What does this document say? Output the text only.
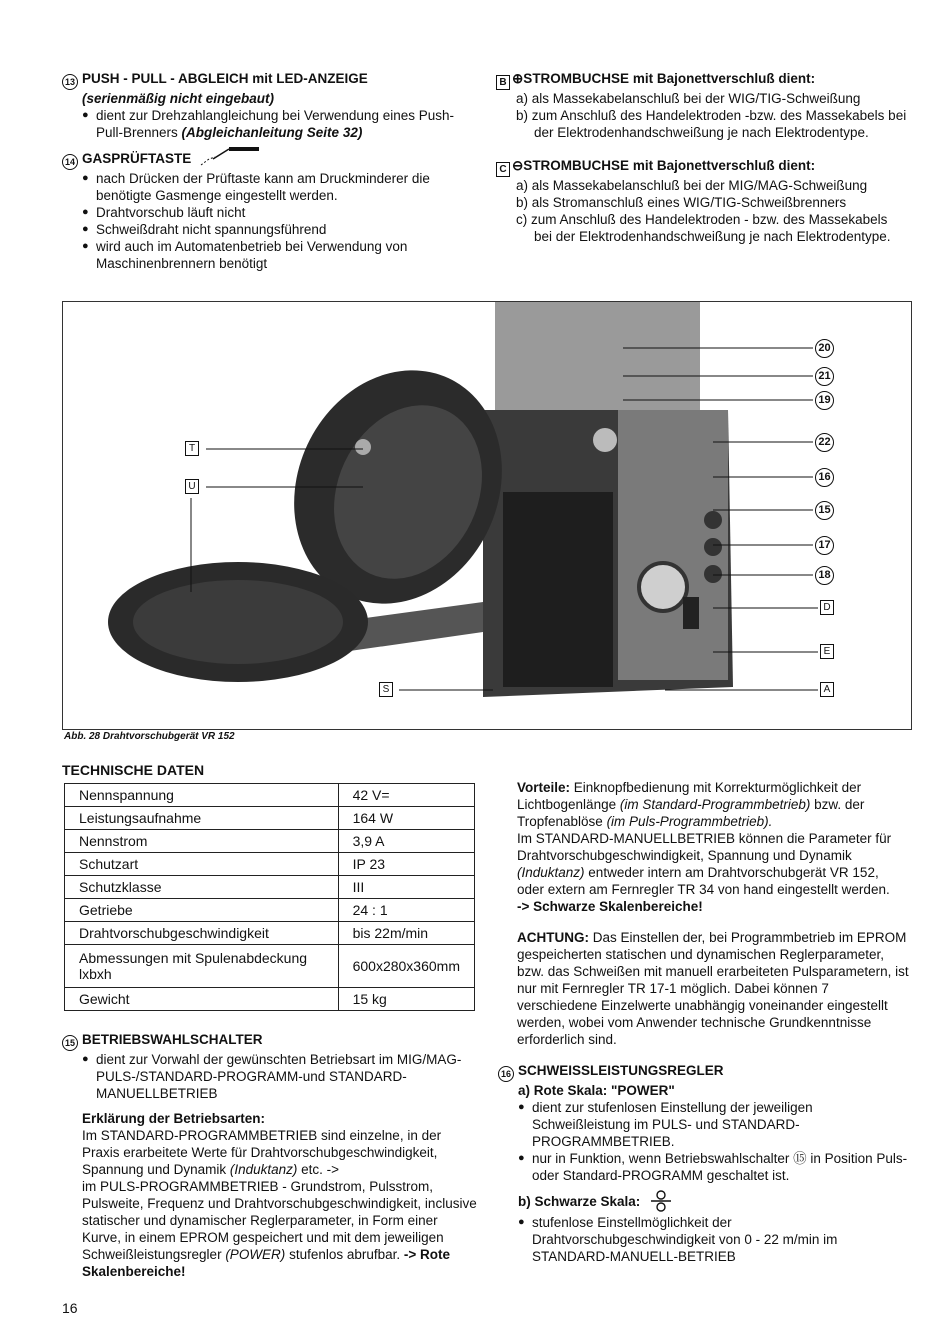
13 PUSH - PULL - ABGLEICH mit LED-ANZEIGE
(serienmäßig nicht eingebaut)
● dient zur Drehzahlangleichung bei Verwendung eines Push-Pull-Brenners (Abgleichanleitung Seite 32)
14 GASPRÜFTASTE
● nach Drücken der Prüftaste kann am Druckminderer die benötigte Gasmenge eingestellt werden.
● Drahtvorschub läuft nicht
● Schweißdraht nicht spannungsführend
● wird auch im Automatenbetrieb bei Verwendung von Maschinenbrennern benötigt
B ⊕STROMBUCHSE mit Bajonettverschluß dient:
a) als Massekabelanschluß bei der WIG/TIG-Schweißung
b) zum Anschluß des Handelektroden -bzw. des Massekabels bei der Elektrodenhandschweißung je nach Elektrodentype.
C ⊖STROMBUCHSE mit Bajonettverschluß dient:
a) als Massekabelanschluß bei der MIG/MAG-Schweißung
b) als Stromanschluß eines WIG/TIG-Schweißbrenners
c) zum Anschluß des Handelektroden - bzw. des Massekabels bei der Elektrodenhandschweißung je nach Elektrodentype.
T
U
S
20
21
19
22
16
15
17
18
D
E
A
Abb. 28 Drahtvorschubgerät VR 152
TECHNISCHE DATEN
Nennspannung	42 V=
Leistungsaufnahme	164 W
Nennstrom	3,9 A
Schutzart	IP 23
Schutzklasse	III
Getriebe	24 : 1
Drahtvorschubgeschwindigkeit	bis 22m/min
Abmessungen mit Spulenabdeckung lxbxh	600x280x360mm
Gewicht	15 kg
15 BETRIEBSWAHLSCHALTER
● dient zur Vorwahl der gewünschten Betriebsart im MIG/MAG-PULS-/STANDARD-PROGRAMM-und STANDARD-MANUELLBETRIEB
Erklärung der Betriebsarten:
Im STANDARD-PROGRAMMBETRIEB sind einzelne, in der Praxis erarbeitete Werte für Drahtvorschubgeschwindigkeit, Spannung und Dynamik (Induktanz) etc. ->
im PULS-PROGRAMMBETRIEB - Grundstrom, Pulsstrom, Pulsweite, Frequenz und Drahtvorschubgeschwindigkeit, inclusive statischer und dynamischer Reglerparameter, in Form einer Kurve, in einem EPROM gespeichert und mit dem jeweiligen Schweißleistungsregler (POWER) stufenlos abrufbar. -> Rote Skalenbereiche!
Vorteile: Einknopfbedienung mit Korrekturmöglichkeit der Lichtbogenlänge (im Standard-Programmbetrieb) bzw. der Tropfenablöse (im Puls-Programmbetrieb).
Im STANDARD-MANUELLBETRIEB können die Parameter für Drahtvorschubgeschwindigkeit, Spannung und Dynamik (Induktanz) entweder intern am Drahtvorschubgerät VR 152, oder extern am Fernregler TR 34 von hand eingestellt werden.
-> Schwarze Skalenbereiche!
ACHTUNG: Das Einstellen der, bei Programmbetrieb im EPROM gespeicherten statischen und dynamischen Reglerparameter, bzw. das Schweißen mit manuell erarbeiteten Pulsparametern, ist nur mit Fernregler TR 17-1 möglich. Dabei können 7 verschiedene Einzelwerte unabhängig voneinander eingestellt werden, wobei vom Anwender technische Grundkenntnisse erforderlich sind.
16 SCHWEISSLEISTUNGSREGLER
a) Rote Skala: "POWER"
● dient zur stufenlosen Einstellung der jeweiligen Schweißleistung im PULS- und STANDARD-PROGRAMMBETRIEB.
● nur in Funktion, wenn Betriebswahlschalter ⑮ in Position Puls- oder Standard-PROGRAMM geschaltet ist.
b) Schwarze Skala:
● stufenlose Einstellmöglichkeit der Drahtvorschubgeschwindigkeit von 0 - 22 m/min im STANDARD-MANUELL-BETRIEB
16
